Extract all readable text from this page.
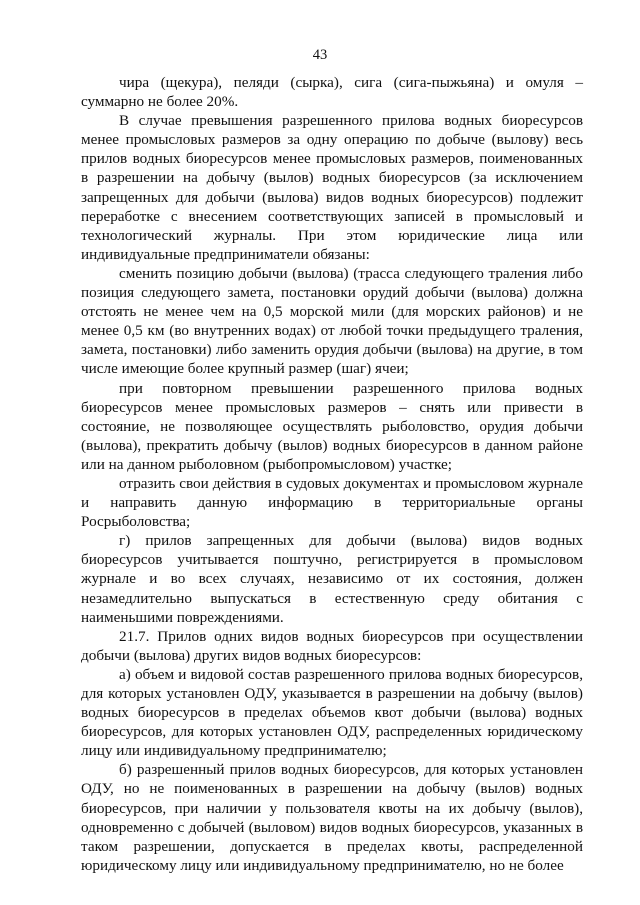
43

чира (щекура), пеляди (сырка), сига (сига-пыжьяна) и омуля – суммарно не более 20%.

В случае превышения разрешенного прилова водных биоресурсов менее промысловых размеров за одну операцию по добыче (вылову) весь прилов водных биоресурсов менее промысловых размеров, поименованных в разрешении на добычу (вылов) водных биоресурсов (за исключением запрещенных для добычи (вылова) видов водных биоресурсов) подлежит переработке с внесением соответствующих записей в промысловый и технологический журналы. При этом юридические лица или индивидуальные предприниматели обязаны:

сменить позицию добычи (вылова) (трасса следующего траления либо позиция следующего замета, постановки орудий добычи (вылова) должна отстоять не менее чем на 0,5 морской мили (для морских районов) и не менее 0,5 км (во внутренних водах) от любой точки предыдущего траления, замета, постановки) либо заменить орудия добычи (вылова) на другие, в том числе имеющие более крупный размер (шаг) ячеи;

при повторном превышении разрешенного прилова водных биоресурсов менее промысловых размеров – снять или привести в состояние, не позволяющее осуществлять рыболовство, орудия добычи (вылова), прекратить добычу (вылов) водных биоресурсов в данном районе или на данном рыболовном (рыбопромысловом) участке;

отразить свои действия в судовых документах и промысловом журнале и направить данную информацию в территориальные органы Росрыболовства;

г) прилов запрещенных для добычи (вылова) видов водных биоресурсов учитывается поштучно, регистрируется в промысловом журнале и во всех случаях, независимо от их состояния, должен незамедлительно выпускаться в естественную среду обитания с наименьшими повреждениями.

21.7. Прилов одних видов водных биоресурсов при осуществлении добычи (вылова) других видов водных биоресурсов:

а) объем и видовой состав разрешенного прилова водных биоресурсов, для которых установлен ОДУ, указывается в разрешении на добычу (вылов) водных биоресурсов в пределах объемов квот добычи (вылова) водных биоресурсов, для которых установлен ОДУ, распределенных юридическому лицу или индивидуальному предпринимателю;

б) разрешенный прилов водных биоресурсов, для которых установлен ОДУ, но не поименованных в разрешении на добычу (вылов) водных биоресурсов, при наличии у пользователя квоты на их добычу (вылов), одновременно с добычей (выловом) видов водных биоресурсов, указанных в таком разрешении, допускается в пределах квоты, распределенной юридическому лицу или индивидуальному предпринимателю, но не более
